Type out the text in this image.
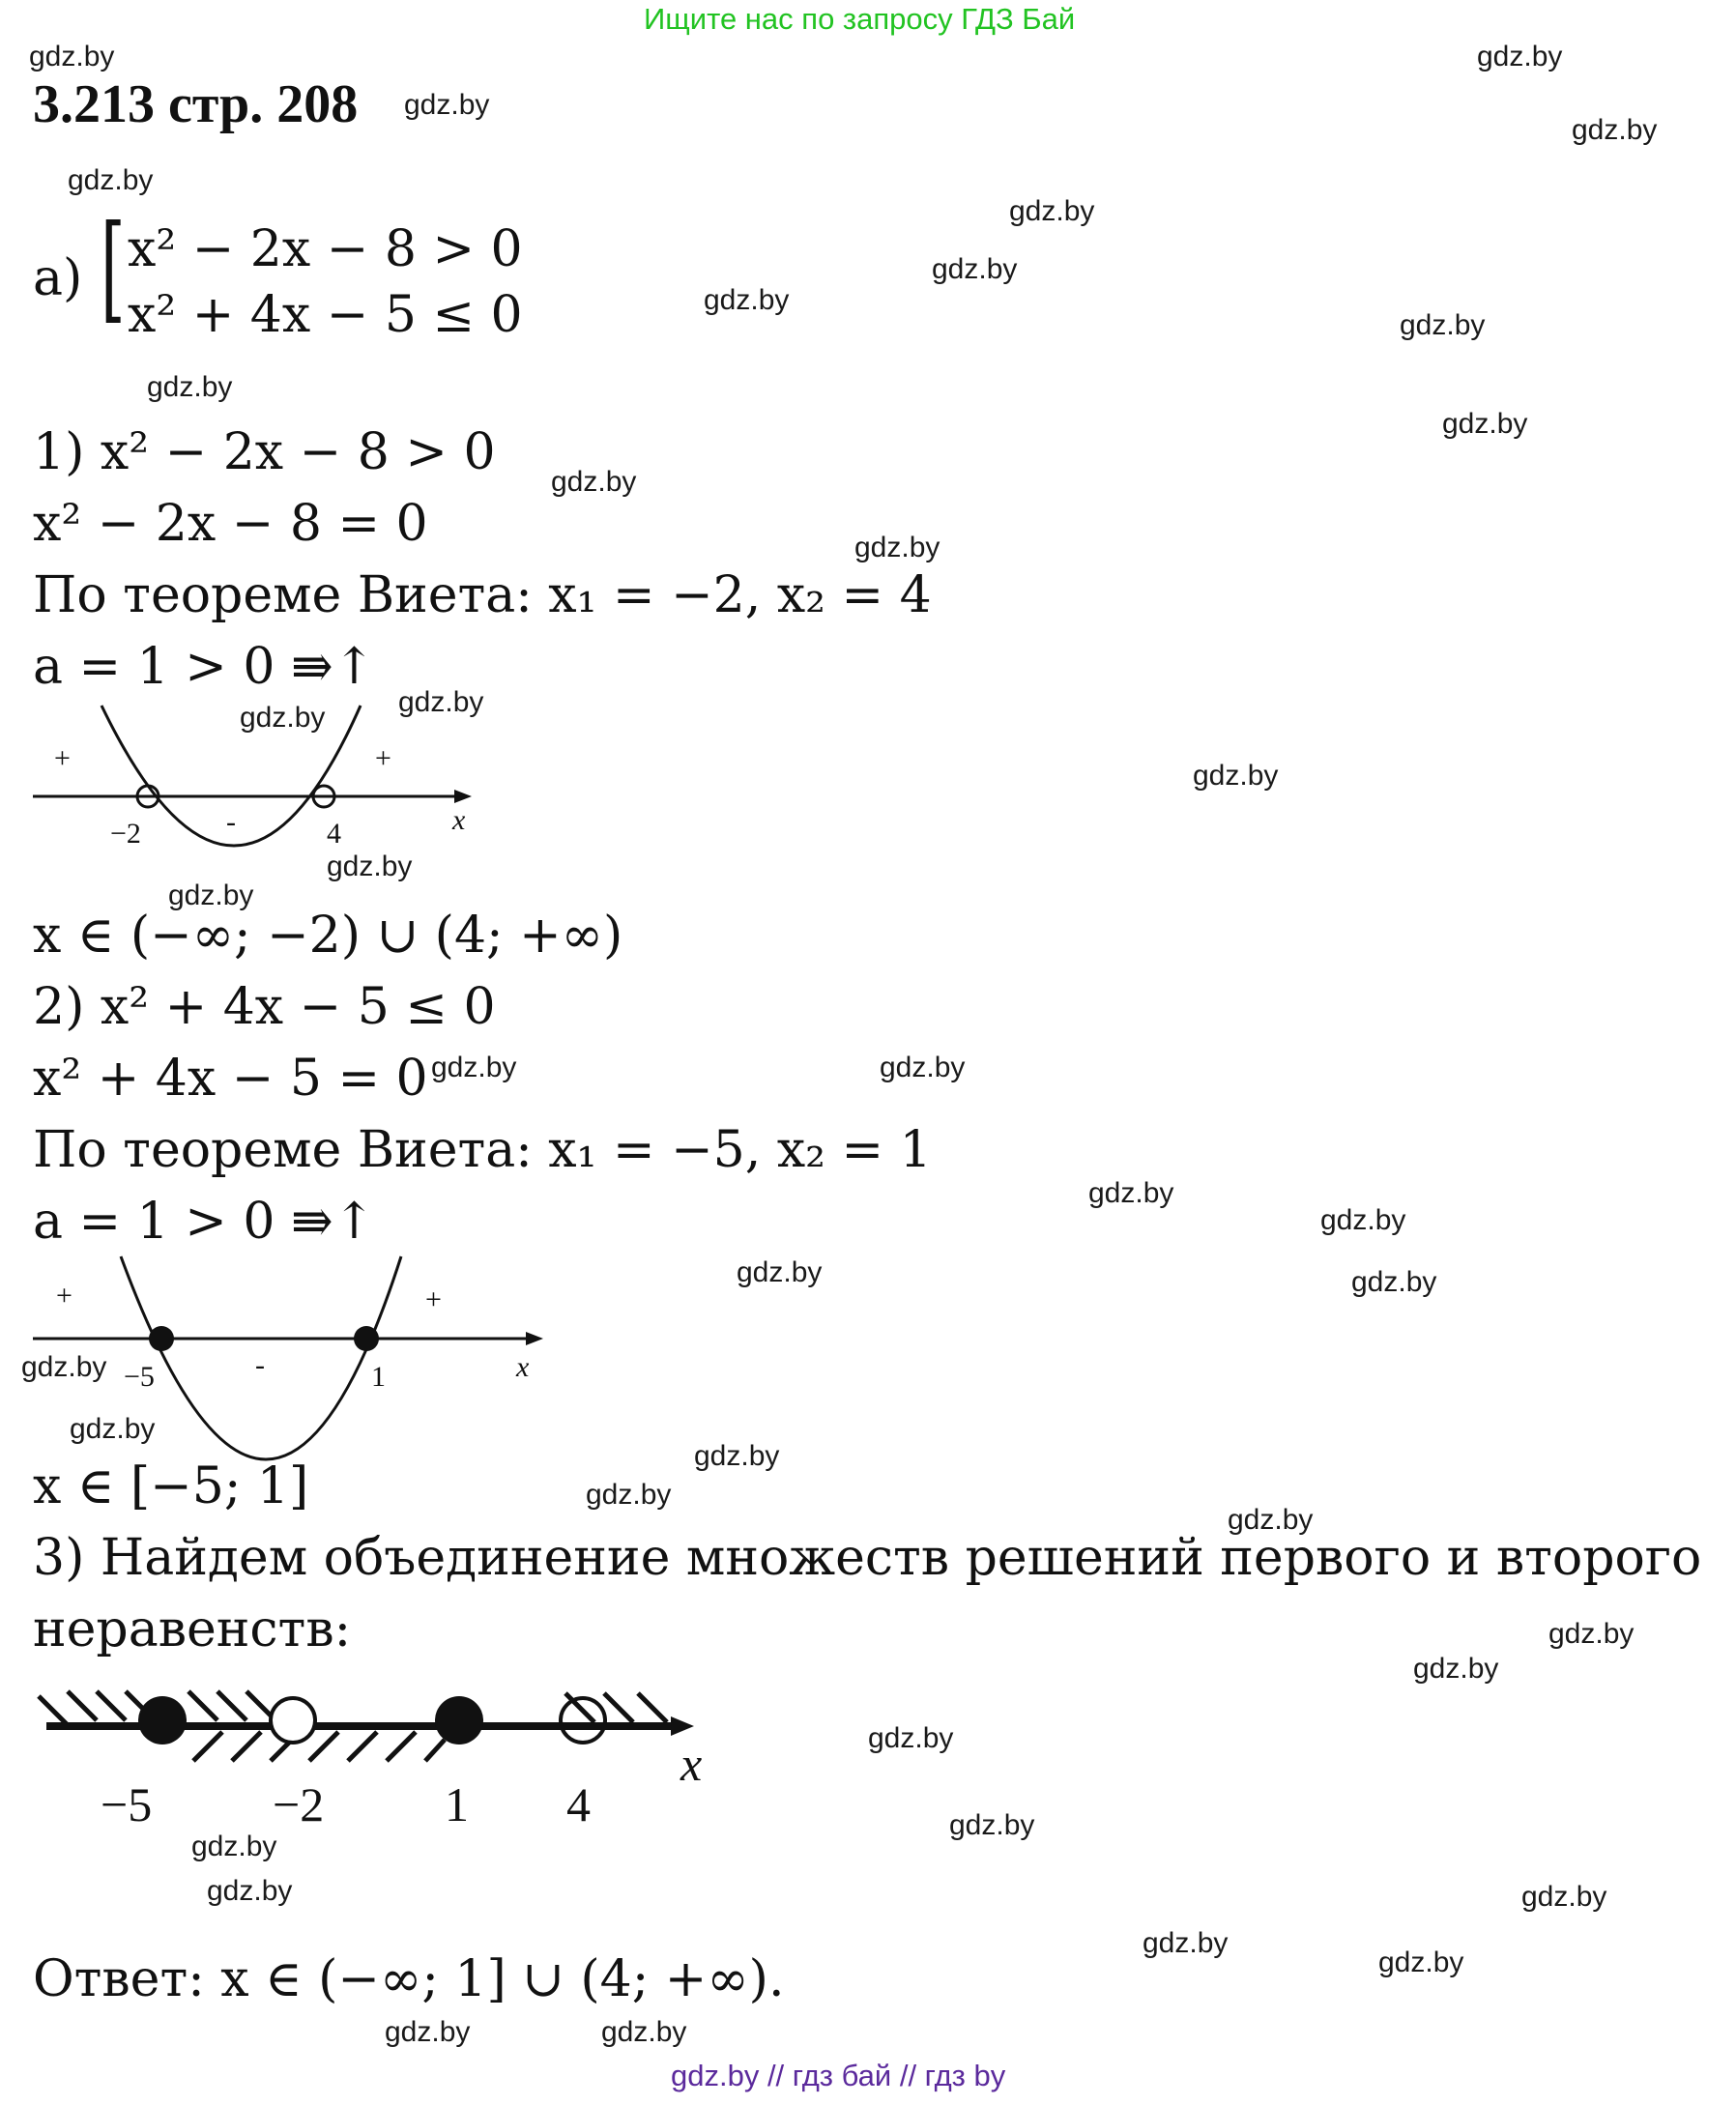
Ищите нас по запросу ГДЗ Бай
gdz.by // гдз бай // гдз by
3.213 стр. 208
a) [ x² − 2x − 8 > 0
x² + 4x − 5 ≤ 0
1) x² − 2x − 8 > 0
x² − 2x − 8 = 0
По теореме Виета: x₁ = −2, x₂ = 4
a = 1 > 0 ⇛↑
+	+
-
−2	4	x
x ∈ (−∞; −2) ∪ (4; +∞)
2) x² + 4x − 5 ≤ 0
x² + 4x − 5 = 0
По теореме Виета: x₁ = −5, x₂ = 1
a = 1 > 0 ⇛↑
+	+
-
−5	1	x
x ∈ [−5; 1]
3) Найдем объединение множеств решений первого и второго
неравенств:
−5 −2 1 4
x
Ответ: x ∈ (−∞; 1] ∪ (4; +∞).
gdz.by	gdz.by
gdz.by
gdz.by
gdz.by
gdz.by
gdz.by
gdz.by
gdz.by
gdz.by
gdz.by
gdz.by
gdz.by
gdz.by
gdz.by
gdz.by
gdz.by
gdz.by
gdz.by	gdz.by
gdz.by
gdz.by
gdz.by
gdz.by
gdz.by
gdz.by
gdz.by
gdz.by
gdz.by
gdz.by
gdz.by
gdz.by
gdz.by
gdz.by
gdz.by	gdz.by
gdz.by
gdz.by
gdz.by	gdz.by
